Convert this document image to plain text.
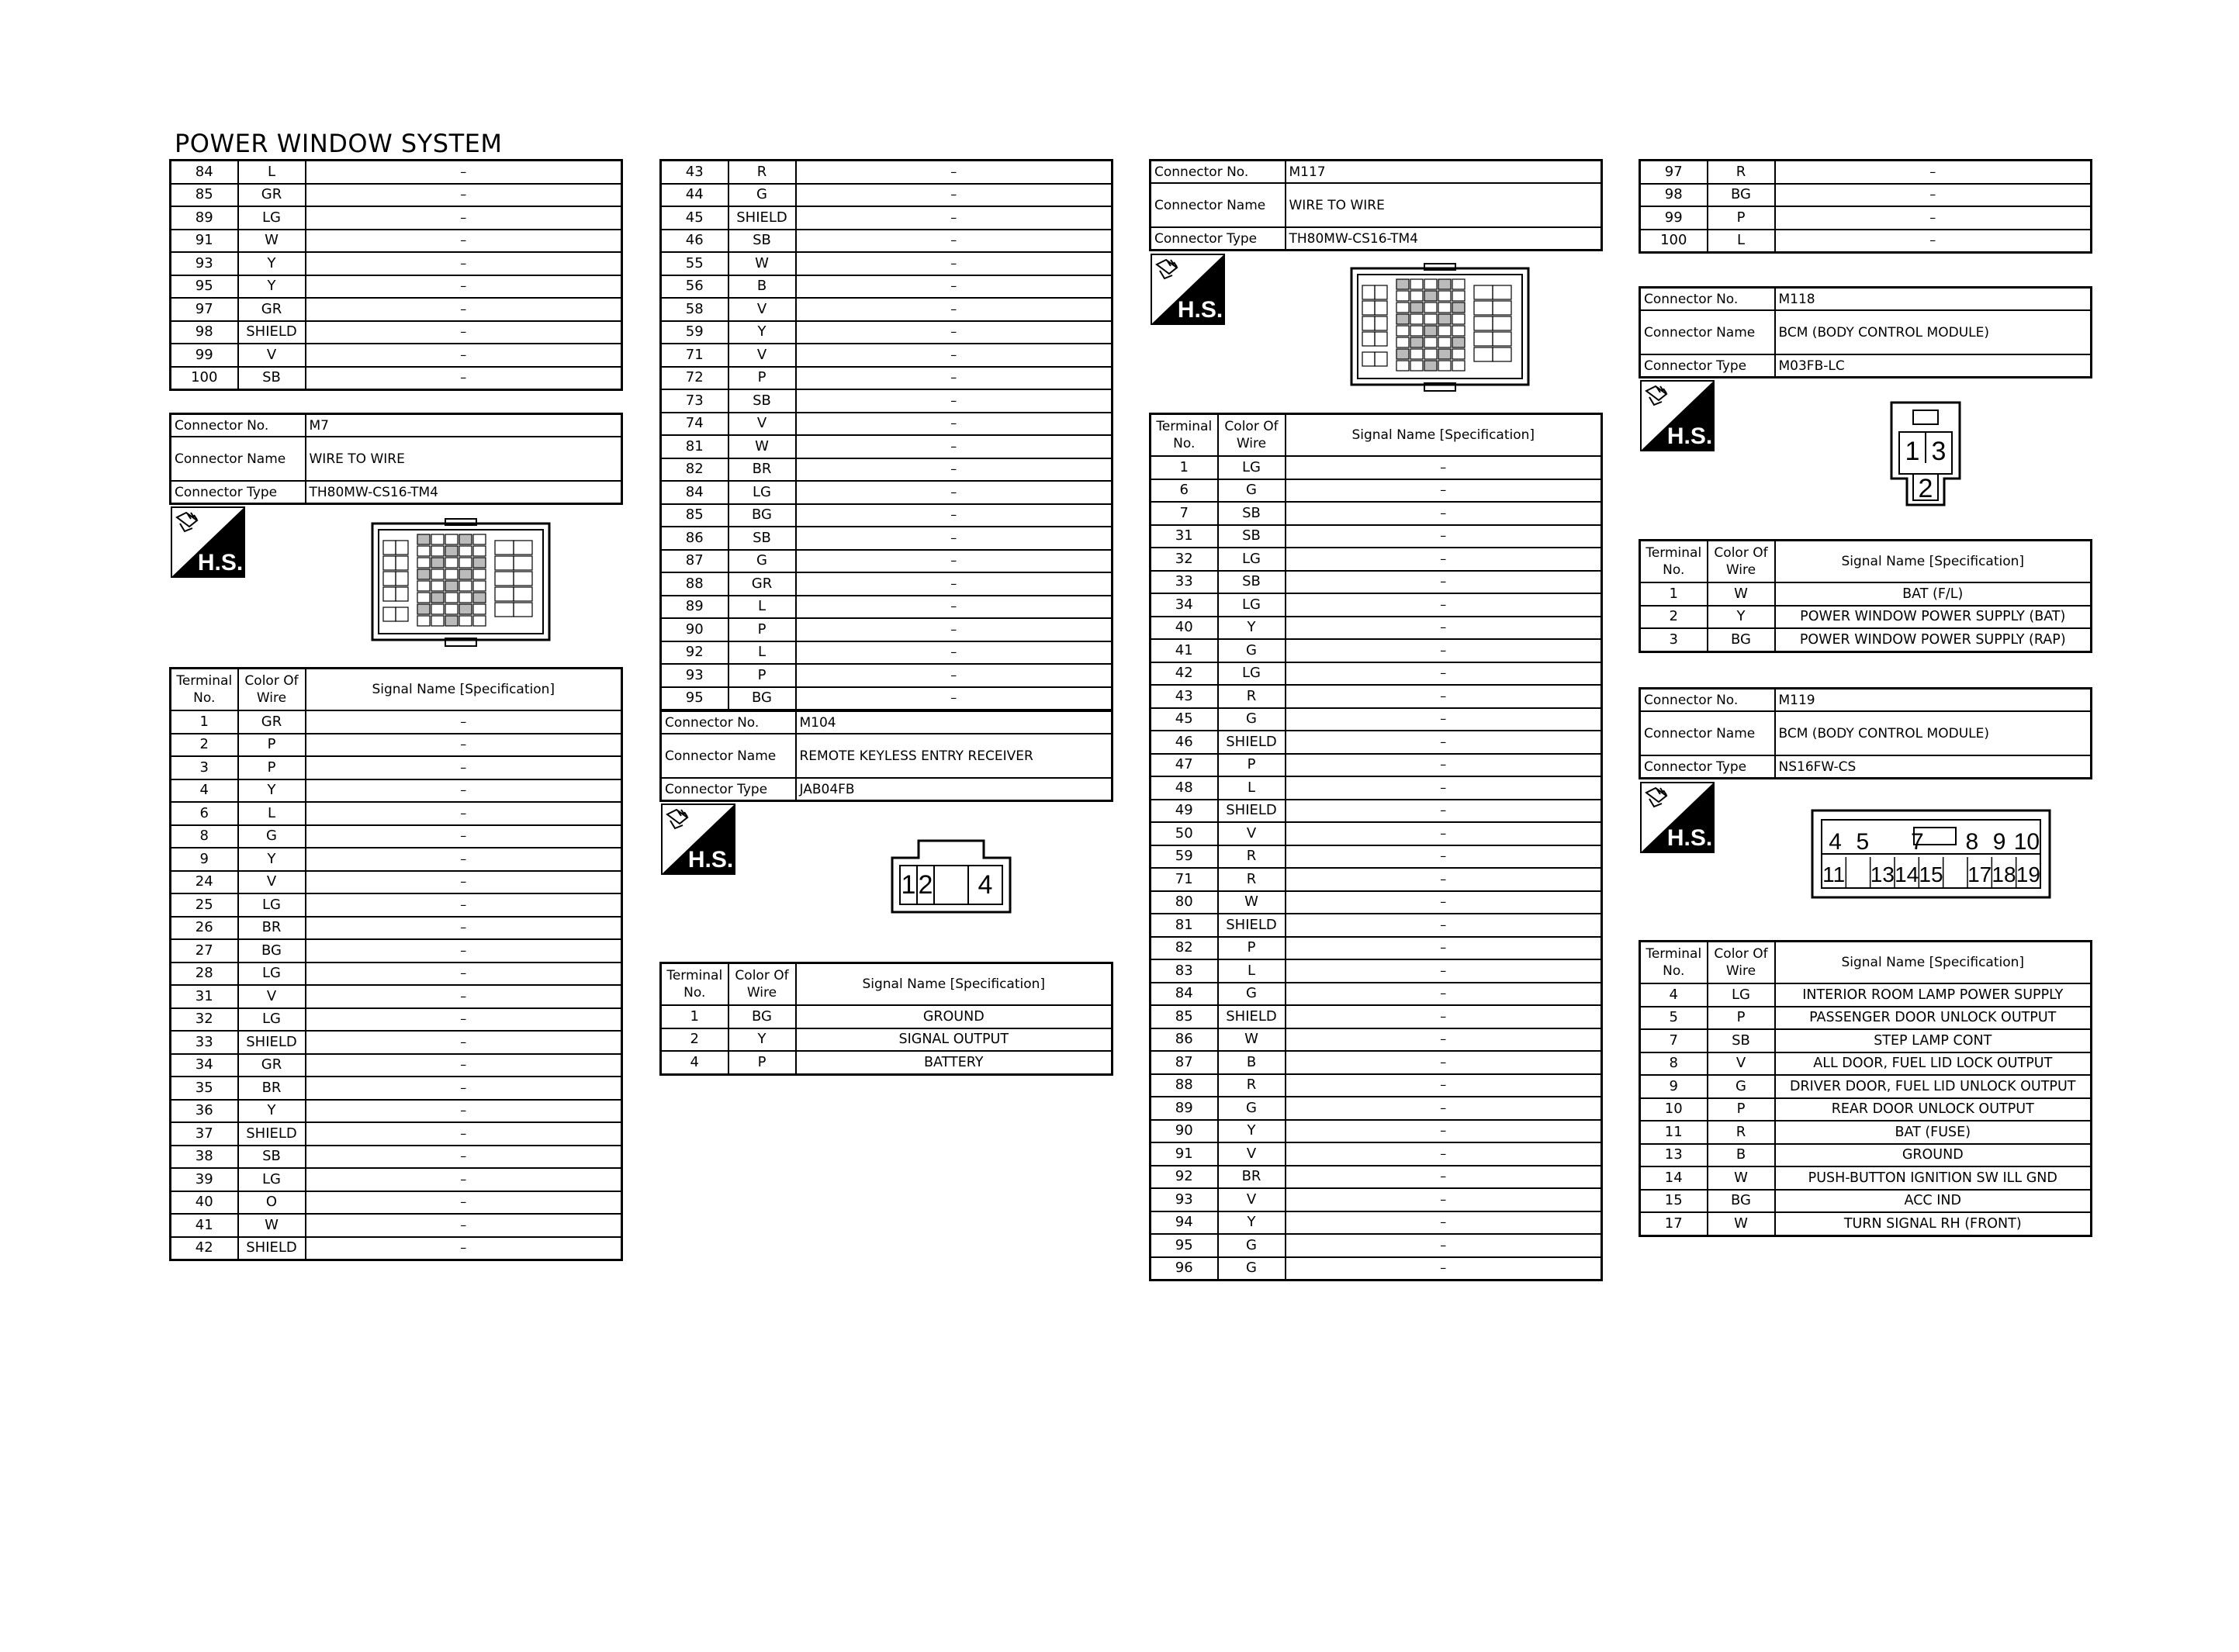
POWER WINDOW SYSTEM
84	L	–
85	GR	–
89	LG	–
91	W	–
93	Y	–
95	Y	–
97	GR	–
98	SHIELD	–
99	V	–
100	SB	–
Connector No.	M7
Connector Name	WIRE TO WIRE
Connector Type	TH80MW-CS16-TM4
H.S.
Terminal No.	Color Of Wire	Signal Name [Specification]
1	GR	–
2	P	–
3	P	–
4	Y	–
6	L	–
8	G	–
9	Y	–
24	V	–
25	LG	–
26	BR	–
27	BG	–
28	LG	–
31	V	–
32	LG	–
33	SHIELD	–
34	GR	–
35	BR	–
36	Y	–
37	SHIELD	–
38	SB	–
39	LG	–
40	O	–
41	W	–
42	SHIELD	–
43	R	–
44	G	–
45	SHIELD	–
46	SB	–
55	W	–
56	B	–
58	V	–
59	Y	–
71	V	–
72	P	–
73	SB	–
74	V	–
81	W	–
82	BR	–
84	LG	–
85	BG	–
86	SB	–
87	G	–
88	GR	–
89	L	–
90	P	–
92	L	–
93	P	–
95	BG	–
Connector No.	M104
Connector Name	REMOTE KEYLESS ENTRY RECEIVER
Connector Type	JAB04FB
H.S.
1 2 4
Terminal No.	Color Of Wire	Signal Name [Specification]
1	BG	GROUND
2	Y	SIGNAL OUTPUT
4	P	BATTERY
Connector No.	M117
Connector Name	WIRE TO WIRE
Connector Type	TH80MW-CS16-TM4
H.S.
Terminal No.	Color Of Wire	Signal Name [Specification]
1	LG	–
6	G	–
7	SB	–
31	SB	–
32	LG	–
33	SB	–
34	LG	–
40	Y	–
41	G	–
42	LG	–
43	R	–
45	G	–
46	SHIELD	–
47	P	–
48	L	–
49	SHIELD	–
50	V	–
59	R	–
71	R	–
80	W	–
81	SHIELD	–
82	P	–
83	L	–
84	G	–
85	SHIELD	–
86	W	–
87	B	–
88	R	–
89	G	–
90	Y	–
91	V	–
92	BR	–
93	V	–
94	Y	–
95	G	–
96	G	–
97	R	–
98	BG	–
99	P	–
100	L	–
Connector No.	M118
Connector Name	BCM (BODY CONTROL MODULE)
Connector Type	M03FB-LC
H.S.
1 3
2
Terminal No.	Color Of Wire	Signal Name [Specification]
1	W	BAT (F/L)
2	Y	POWER WINDOW POWER SUPPLY (BAT)
3	BG	POWER WINDOW POWER SUPPLY (RAP)
Connector No.	M119
Connector Name	BCM (BODY CONTROL MODULE)
Connector Type	NS16FW-CS
H.S.	4 5 7 8 9 10
11 13 14 15 17 18 19
Terminal No.	Color Of Wire	Signal Name [Specification]
4	LG	INTERIOR ROOM LAMP POWER SUPPLY
5	P	PASSENGER DOOR UNLOCK OUTPUT
7	SB	STEP LAMP CONT
8	V	ALL DOOR, FUEL LID LOCK OUTPUT
9	G	DRIVER DOOR, FUEL LID UNLOCK OUTPUT
10	P	REAR DOOR UNLOCK OUTPUT
11	R	BAT (FUSE)
13	B	GROUND
14	W	PUSH-BUTTON IGNITION SW ILL GND
15	BG	ACC IND
17	W	TURN SIGNAL RH (FRONT)
